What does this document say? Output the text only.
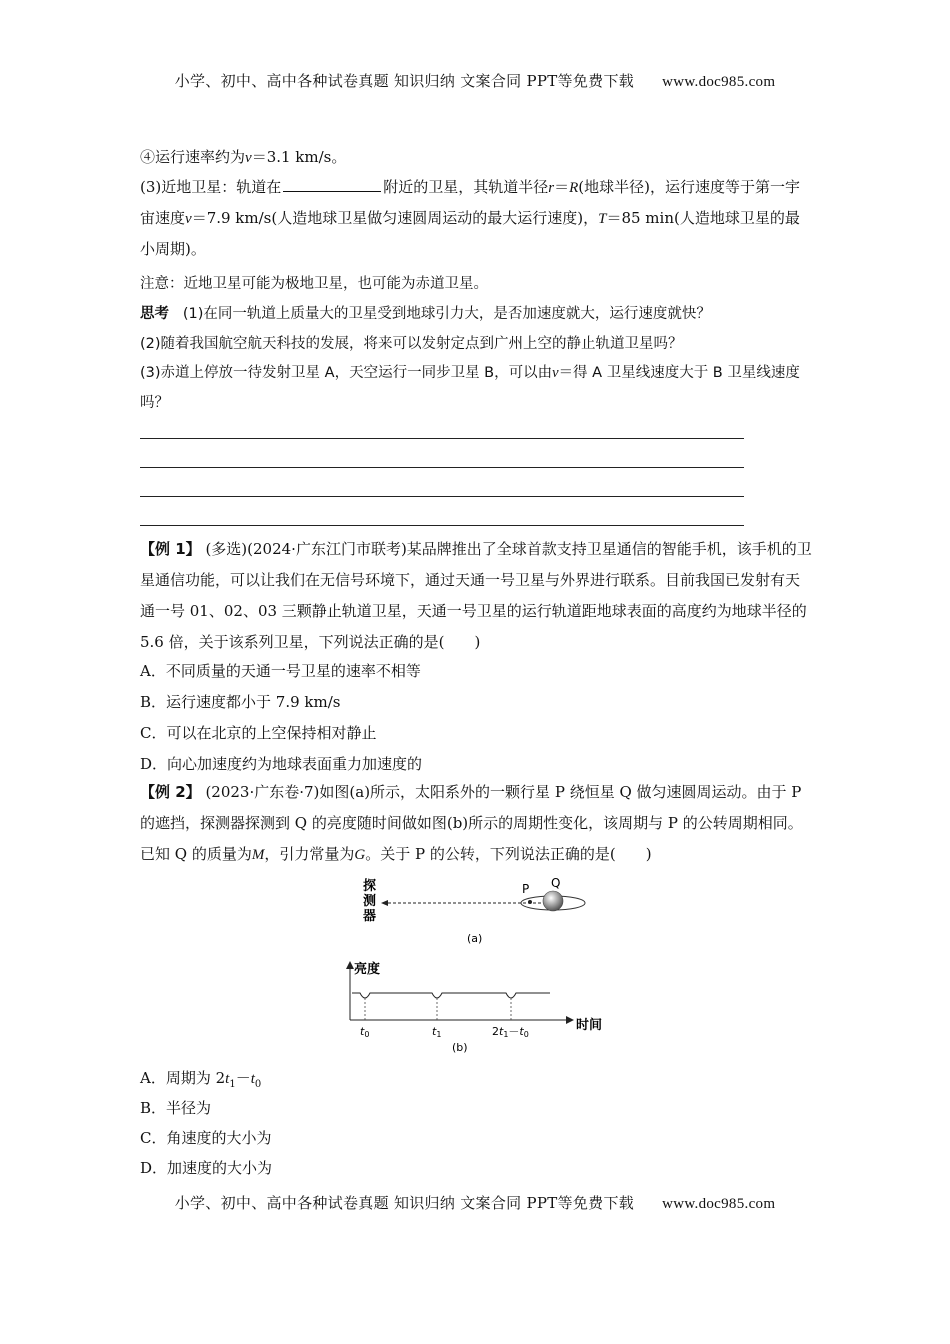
小学、初中、高中各种试卷真题 知识归纳 文案合同 PPT等免费下载 www.doc985.com
④运行速率约为v＝3.1 km/s。
(3)近地卫星：轨道在	附近的卫星，其轨道半径r＝R(地球半径)，运行速度等于第一宇宙速度v＝7.9 km/s(人造地球卫星做匀速圆周运动的最大运行速度)，T＝85 min(人造地球卫星的最小周期)。
注意：近地卫星可能为极地卫星，也可能为赤道卫星。
思考 (1)在同一轨道上质量大的卫星受到地球引力大，是否加速度就大，运行速度就快？
(2)随着我国航空航天科技的发展，将来可以发射定点到广州上空的静止轨道卫星吗？
(3)赤道上停放一待发射卫星 A，天空运行一同步卫星 B，可以由v＝得 A 卫星线速度大于 B 卫星线速度吗？
【例 1】 (多选)(2024·广东江门市联考)某品牌推出了全球首款支持卫星通信的智能手机，该手机的卫星通信功能，可以让我们在无信号环境下，通过天通一号卫星与外界进行联系。目前我国已发射有天通一号 01、02、03 三颗静止轨道卫星，天通一号卫星的运行轨道距地球表面的高度约为地球半径的 5.6 倍，关于该系列卫星，下列说法正确的是( )
A．不同质量的天通一号卫星的速率不相等
B．运行速度都小于 7.9 km/s
C．可以在北京的上空保持相对静止
D．向心加速度约为地球表面重力加速度的
【例 2】 (2023·广东卷·7)如图(a)所示，太阳系外的一颗行星 P 绕恒星 Q 做匀速圆周运动。由于 P 的遮挡，探测器探测到 Q 的亮度随时间做如图(b)所示的周期性变化，该周期与 P 的公转周期相同。已知 Q 的质量为M，引力常量为G。关于 P 的公转，下列说法正确的是( )
探
测
器
P Q
(a)
亮度
时间
t0	t1	2t1－t0
(b)
A．周期为 $2t_1-t_0$
B．半径为
C．角速度的大小为
D．加速度的大小为
小学、初中、高中各种试卷真题 知识归纳 文案合同 PPT等免费下载 www.doc985.com
